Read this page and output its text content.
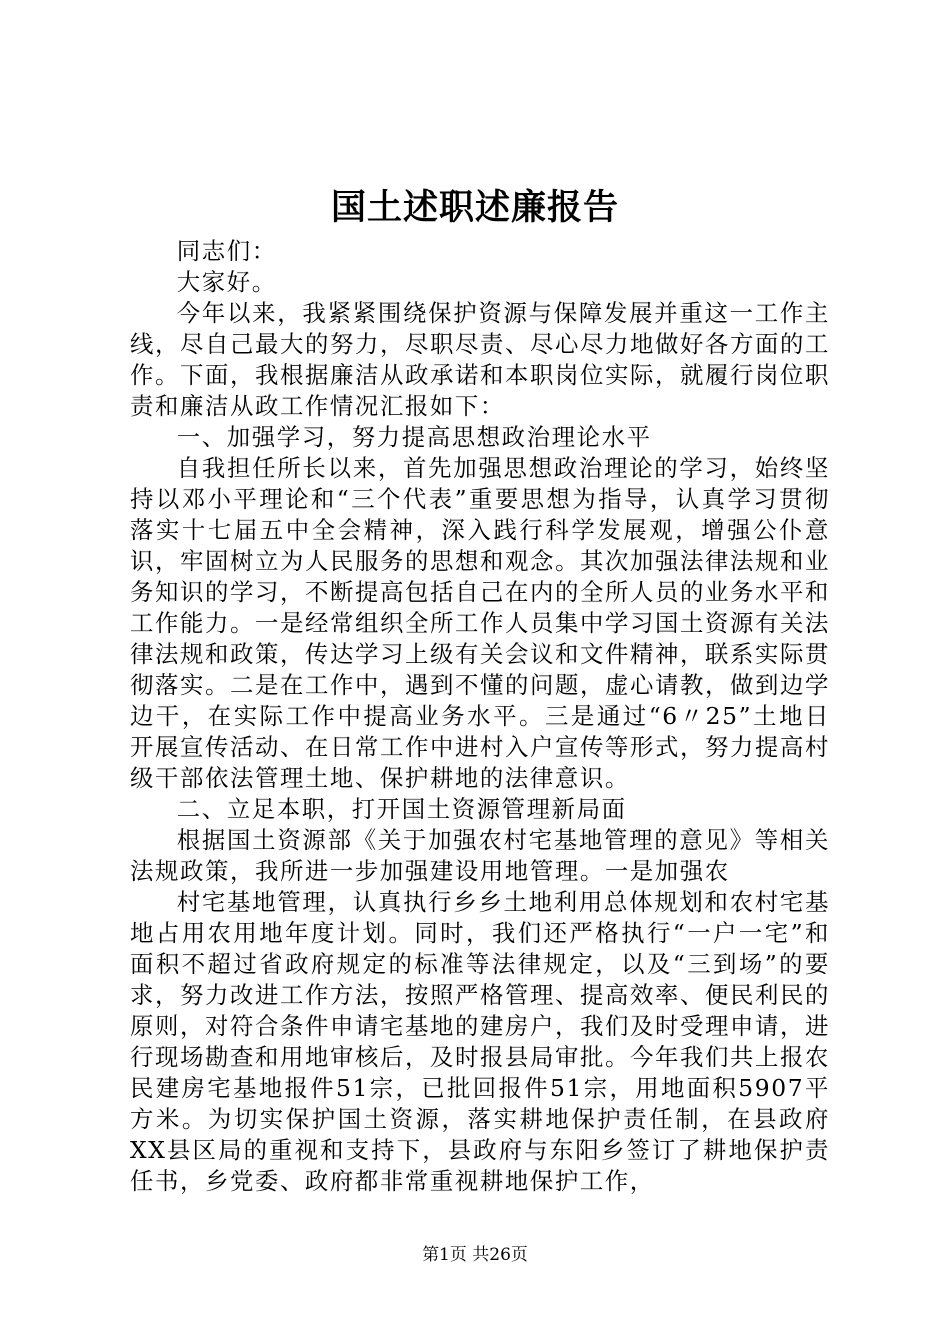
国土述职述廉报告

同志们：

大家好。

今年以来，我紧紧围绕保护资源与保障发展并重这一工作主线，尽自己最大的努力，尽职尽责、尽心尽力地做好各方面的工作。下面，我根据廉洁从政承诺和本职岗位实际，就履行岗位职责和廉洁从政工作情况汇报如下：

一、加强学习，努力提高思想政治理论水平

自我担任所长以来，首先加强思想政治理论的学习，始终坚持以邓小平理论和“三个代表”重要思想为指导，认真学习贯彻落实十七届五中全会精神，深入践行科学发展观，增强公仆意识，牢固树立为人民服务的思想和观念。其次加强法律法规和业务知识的学习，不断提高包括自己在内的全所人员的业务水平和工作能力。一是经常组织全所工作人员集中学习国土资源有关法律法规和政策，传达学习上级有关会议和文件精神，联系实际贯彻落实。二是在工作中，遇到不懂的问题，虚心请教，做到边学边干，在实际工作中提高业务水平。三是通过“6〃25”土地日开展宣传活动、在日常工作中进村入户宣传等形式，努力提高村级干部依法管理土地、保护耕地的法律意识。

二、立足本职，打开国土资源管理新局面

根据国土资源部《关于加强农村宅基地管理的意见》等相关法规政策，我所进一步加强建设用地管理。一是加强农

村宅基地管理，认真执行乡乡土地利用总体规划和农村宅基地占用农用地年度计划。同时，我们还严格执行“一户一宅”和面积不超过省政府规定的标准等法律规定，以及“三到场”的要求，努力改进工作方法，按照严格管理、提高效率、便民利民的原则，对符合条件申请宅基地的建房户，我们及时受理申请，进行现场勘查和用地审核后，及时报县局审批。今年我们共上报农民建房宅基地报件51宗，已批回报件51宗，用地面积5907平方米。为切实保护国土资源，落实耕地保护责任制，在县政府XX县区局的重视和支持下，县政府与东阳乡签订了耕地保护责任书，乡党委、政府都非常重视耕地保护工作，

第1页 共26页
